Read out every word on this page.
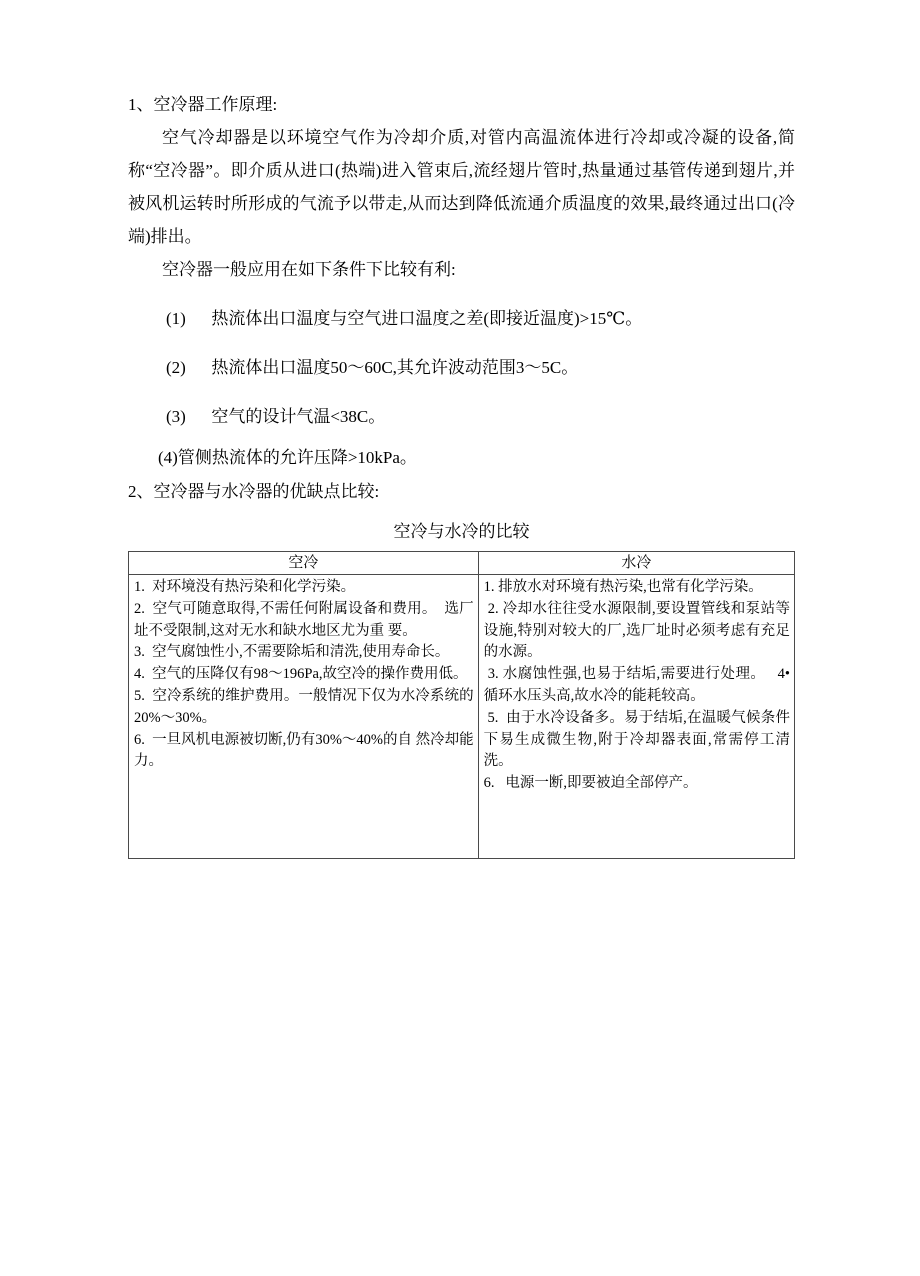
1、空冷器工作原理:
空气冷却器是以环境空气作为冷却介质,对管内高温流体进行冷却或冷凝的设备,简称“空冷器”。即介质从进口(热端)进入管束后,流经翅片管时,热量通过基管传递到翅片,并被风机运转时所形成的气流予以带走,从而达到降低流通介质温度的效果,最终通过出口(冷端)排出。
空冷器一般应用在如下条件下比较有利:
(1)      热流体出口温度与空气进口温度之差(即接近温度)>15℃。
(2)      热流体出口温度50〜60C,其允许波动范围3〜5C。
(3)      空气的设计气温<38C。
(4)管侧热流体的允许压降>10kPa。
2、空冷器与水冷器的优缺点比较:
空冷与水冷的比较
空冷	水冷

1.  对环境没有热污染和化学污染。
2.  空气可随意取得,不需任何附属设备和费用。  选厂址不受限制,这对无水和缺水地区尤为重 要。
3.  空气腐蚀性小,不需要除垢和清洗,使用寿命长。
4.  空气的压降仅有98〜196Pa,故空冷的操作费用低。
5.  空冷系统的维护费用。一般情况下仅为水冷系统的20%〜30%。
6.  一旦风机电源被切断,仍有30%〜40%的自 然冷却能力。

1. 排放水对环境有热污染,也常有化学污染。
2. 冷却水往往受水源限制,要设置管线和泵站等设施,特别对较大的厂,选厂址时必须考虑有充足的水源。
3. 水腐蚀性强,也易于结垢,需要进行处理。   4•循环水压头高,故水冷的能耗较高。
5.  由于水冷设备多。易于结垢,在温暖气候条件下易生成微生物,附于冷却器表面,常需停工清洗。
6.   电源一断,即要被迫全部停产。
